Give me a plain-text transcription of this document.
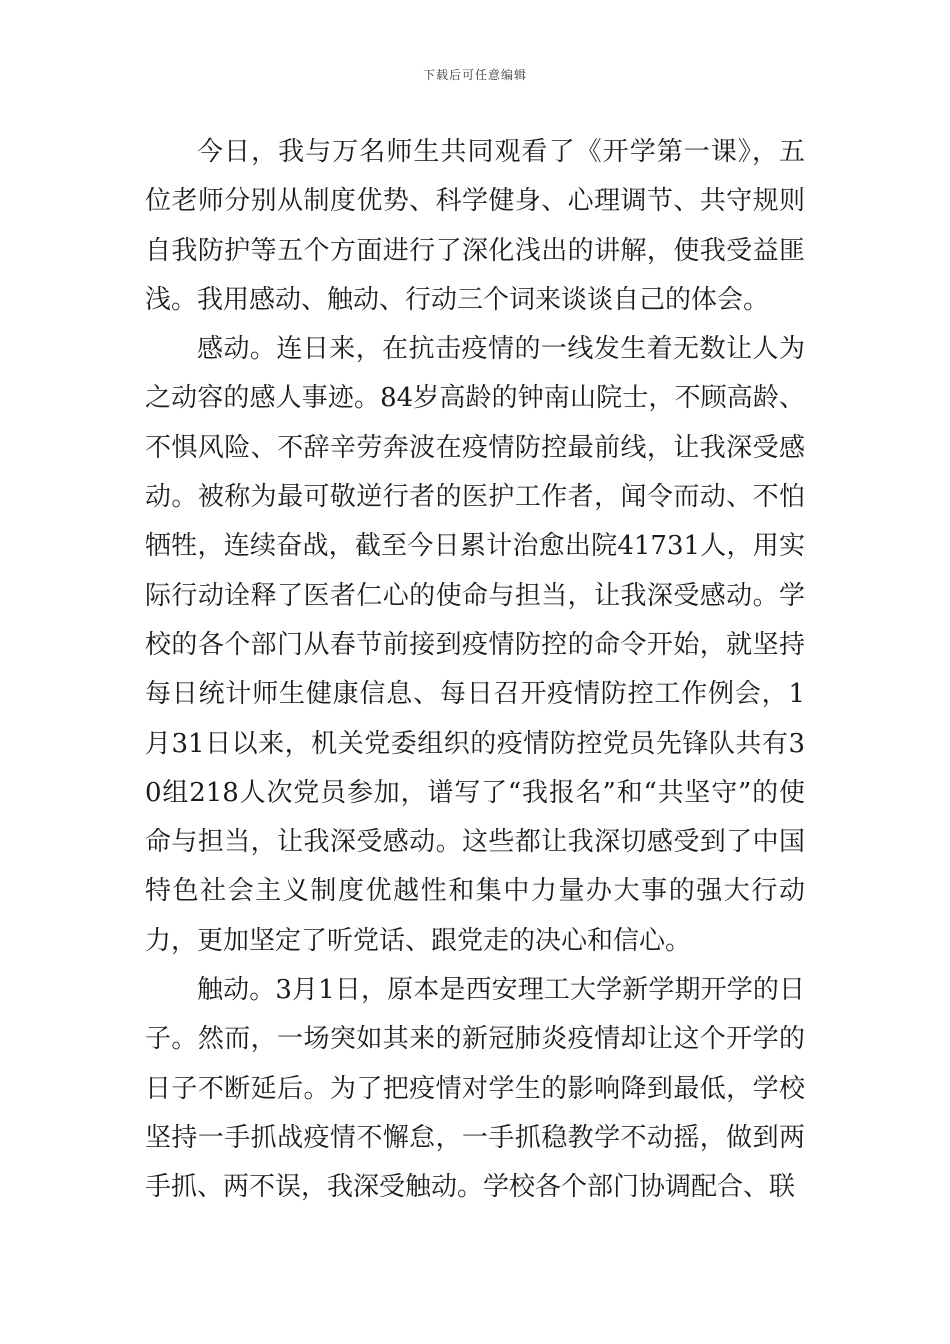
下载后可任意编辑

今日，我与万名师生共同观看了《开学第一课》，五位老师分别从制度优势、科学健身、心理调节、共守规则自我防护等五个方面进行了深化浅出的讲解，使我受益匪浅。我用感动、触动、行动三个词来谈谈自己的体会。

感动。连日来，在抗击疫情的一线发生着无数让人为之动容的感人事迹。84岁高龄的钟南山院士，不顾高龄、不惧风险、不辞辛劳奔波在疫情防控最前线，让我深受感动。被称为最可敬逆行者的医护工作者，闻令而动、不怕牺牲，连续奋战，截至今日累计治愈出院41731人，用实际行动诠释了医者仁心的使命与担当，让我深受感动。学校的各个部门从春节前接到疫情防控的命令开始，就坚持每日统计师生健康信息、每日召开疫情防控工作例会，1月31日以来，机关党委组织的疫情防控党员先锋队共有30组218人次党员参加，谱写了“我报名”和“共坚守”的使命与担当，让我深受感动。这些都让我深切感受到了中国特色社会主义制度优越性和集中力量办大事的强大行动力，更加坚定了听党话、跟党走的决心和信心。

触动。3月1日，原本是西安理工大学新学期开学的日子。然而，一场突如其来的新冠肺炎疫情却让这个开学的日子不断延后。为了把疫情对学生的影响降到最低，学校坚持一手抓战疫情不懈怠，一手抓稳教学不动摇，做到两手抓、两不误，我深受触动。学校各个部门协调配合、联
